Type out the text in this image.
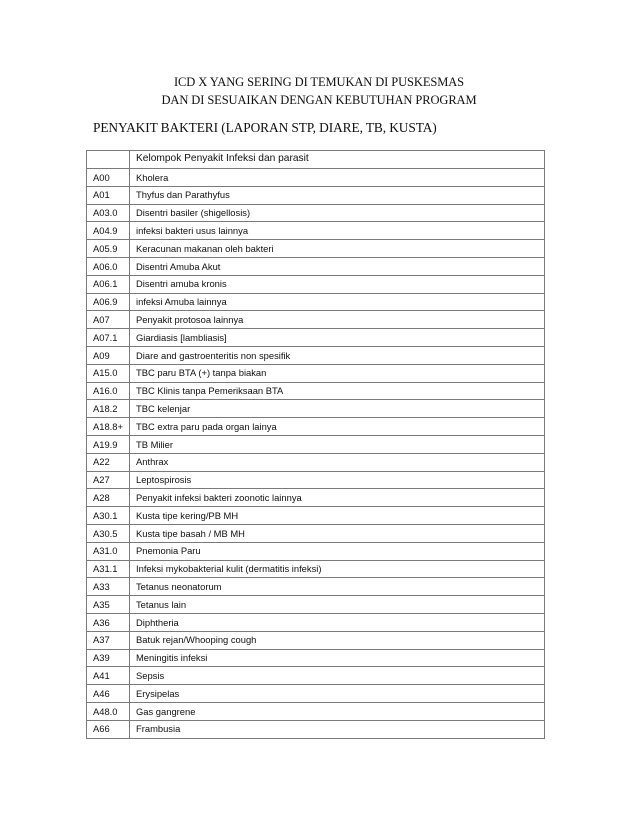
ICD X YANG SERING DI TEMUKAN DI PUSKESMAS
DAN DI SESUAIKAN DENGAN KEBUTUHAN PROGRAM
PENYAKIT BAKTERI (LAPORAN STP, DIARE, TB, KUSTA)
	Kelompok Penyakit Infeksi dan parasit
A00	Kholera
A01	Thyfus dan Parathyfus
A03.0	Disentri basiler (shigellosis)
A04.9	infeksi bakteri usus lainnya
A05.9	Keracunan makanan oleh bakteri
A06.0	Disentri Amuba Akut
A06.1	Disentri amuba kronis
A06.9	infeksi Amuba lainnya
A07	Penyakit protosoa lainnya
A07.1	Giardiasis [lambliasis]
A09	Diare and gastroenteritis non spesifik
A15.0	TBC paru BTA (+) tanpa biakan
A16.0	TBC Klinis tanpa Pemeriksaan BTA
A18.2	TBC kelenjar
A18.8+	TBC extra paru pada organ lainya
A19.9	TB Milier
A22	Anthrax
A27	Leptospirosis
A28	Penyakit infeksi bakteri zoonotic lainnya
A30.1	Kusta tipe kering/PB MH
A30.5	Kusta tipe basah / MB MH
A31.0	Pnemonia Paru
A31.1	Infeksi mykobakterial kulit (dermatitis infeksi)
A33	Tetanus neonatorum
A35	Tetanus lain
A36	Diphtheria
A37	Batuk rejan/Whooping cough
A39	Meningitis infeksi
A41	Sepsis
A46	Erysipelas
A48.0	Gas gangrene
A66	Frambusia
